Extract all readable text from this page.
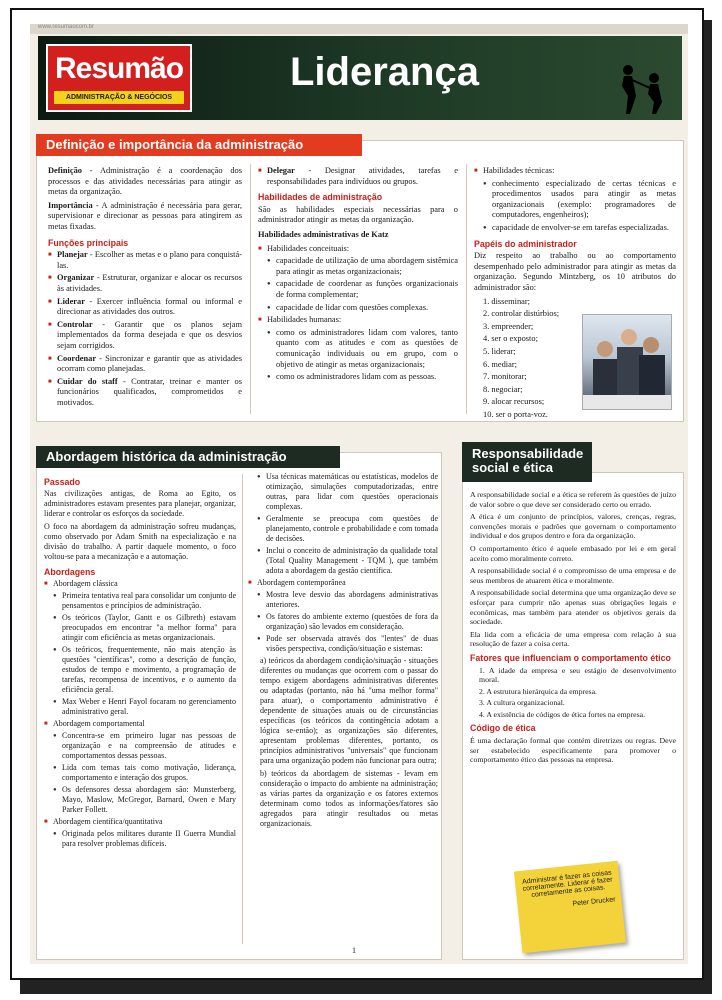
www.resumaocom.br
Resumão
ADMINISTRAÇÃO & NEGÓCIOS
Liderança
Definição e importância da administração

Definição - Administração é a coordenação dos processos e das atividades necessárias para atingir as metas da organização.

Importância - A administração é necessária para gerar, supervisionar e direcionar as pessoas para atingirem as metas fixadas.

Funções principais
■ Planejar - Escolher as metas e o plano para conquistá-las.
■ Organizar - Estruturar, organizar e alocar os recursos às atividades.
■ Liderar - Exercer influência formal ou informal e direcionar as atividades dos outros.
■ Controlar - Garantir que os planos sejam implementados da forma desejada e que os desvios sejam corrigidos.
■ Coordenar - Sincronizar e garantir que as atividades ocorram como planejadas.
■ Cuidar do staff - Contratar, treinar e manter os funcionários qualificados, comprometidos e motivados.
■ Delegar - Designar atividades, tarefas e responsabilidades para indivíduos ou grupos.
Habilidades de administração

São as habilidades especiais necessárias para o administrador atingir as metas da organização.

Habilidades administrativas de Katz

■ Habilidades conceituais:
● capacidade de utilização de uma abordagem sistêmica para atingir as metas organizacionais;
● capacidade de coordenar as funções organizacionais de forma complementar;
● capacidade de lidar com questões complexas.
■ Habilidades humanas:
● como os administradores lidam com valores, tanto quanto com as atitudes e com as questões de comunicação individuais ou em grupo, com o objetivo de atingir as metas organizacionais;
● como os administradores lidam com as pessoas.
■ Habilidades técnicas:
● conhecimento especializado de certas técnicas e procedimentos usados para atingir as metas organizacionais (exemplo: programadores de computadores, engenheiros);
● capacidade de envolver-se em tarefas especializadas.
Papéis do administrador

Diz respeito ao trabalho ou ao comportamento desempenhado pelo administrador para atingir as metas da organização. Segundo Mintzberg, os 10 atributos do administrador são:

1. disseminar;
2. controlar distúrbios;
3. empreender;
4. ser o exposto;
5. liderar;
6. mediar;
7. monitorar;
8. negociar;
9. alocar recursos;
10. ser o porta-voz.
Abordagem histórica da administração
Passado

Nas civilizações antigas, de Roma ao Egito, os administradores estavam presentes para planejar, organizar, liderar e controlar os esforços da sociedade.

O foco na abordagem da administração sofreu mudanças, como observado por Adam Smith na especialização e na divisão do trabalho. A partir daquele momento, o foco voltou-se para a mecanização e a automação.

Abordagens
■ Abordagem clássica
● Primeira tentativa real para consolidar um conjunto de pensamentos e princípios de administração.
● Os teóricos (Taylor, Gantt e os Gilbreth) estavam preocupados em encontrar "a melhor forma" para atingir com eficiência as metas organizacionais.
● Os teóricos, frequentemente, não mais atenção às questões "científicas", como a descrição de função, estudos de tempo e movimento, a programação de tarefas, recompensa de incentivos, e o aumento da eficiência geral.
● Max Weber e Henri Fayol focaram no gerenciamento administrativo geral.
■ Abordagem comportamental
● Concentra-se em primeiro lugar nas pessoas de organização e na compreensão de atitudes e comportamentos dessas pessoas.
● Lida com temas tais como motivação, liderança, comportamento e interação dos grupos.
● Os defensores dessa abordagem são: Munsterberg, Mayo, Maslow, McGregor, Barnard, Owen e Mary Parker Follett.
■ Abordagem científica/quantitativa
● Originada pelos militares durante II Guerra Mundial para resolver problemas difíceis.
● Usa técnicas matemáticas ou estatísticas, modelos de otimização, simulações computadorizadas, entre outras, para lidar com questões operacionais complexas.
● Geralmente se preocupa com questões de planejamento, controle e probabilidade e com tomada de decisões.
● Inclui o conceito de administração da qualidade total (Total Quality Management - TQM ), que também adota a abordagem da gestão científica.
■ Abordagem contemporânea
● Mostra leve desvio das abordagens administrativas anteriores.
● Os fatores do ambiente externo (questões de fora da organização) são levados em consideração.
● Pode ser observada através dos "lentes" de duas visões perspectiva, condição/situação e sistemas:

a) teóricos da abordagem condição/situação - situações diferentes ou mudanças que ocorrem com o passar do tempo exigem abordagens administrativas diferentes ou adaptadas (portanto, não há "uma melhor forma" para atuar), o comportamento administrativo é dependente de situações atuais ou de circunstâncias específicas (os teóricos da contingência adotam a lógica se-então); as organizações são diferentes, apresentam problemas diferentes, portanto, os princípios administrativos "universais" que funcionam para uma organização podem não funcionar para outra;

b) teóricos da abordagem de sistemas - levam em consideração o impacto do ambiente na administração; as várias partes da organização e os fatores externos determinam como todos as informações/fatores são agregados para atingir resultados ou metas organizacionais.

Responsabilidade social e ética

A responsabilidade social e a ética se referem às questões de juízo de valor sobre o que deve ser considerado certo ou errado.

A ética é um conjunto de princípios, valores, crenças, regras, convenções morais e padrões que governam o comportamento individual e dos grupos dentro e fora da organização.

O comportamento ético é aquele embasado por lei e em geral aceito como moralmente correto.

A responsabilidade social é o compromisso de uma empresa e de seus membros de atuarem ética e moralmente.

A responsabilidade social determina que uma organização deve se esforçar para cumprir não apenas suas obrigações legais e econômicas, mas também para atender os objetivos gerais da sociedade.

Ela lida com a eficácia de uma empresa com relação à sua resolução de fazer a coisa certa.

Fatores que influenciam o comportamento ético
1. A idade da empresa e seu estágio de desenvolvimento moral.
2. A estrutura hierárquica da empresa.
3. A cultura organizacional.
4. A existência de códigos de ética fortes na empresa.
Código de ética

É uma declaração formal que contém diretrizes ou regras. Deve ser estabelecido especificamente para promover o comportamento ético das pessoas na empresa.

Administrar é fazer as coisas corretamente. Liderar é fazer corretamente as coisas.
Peter Drucker
1
